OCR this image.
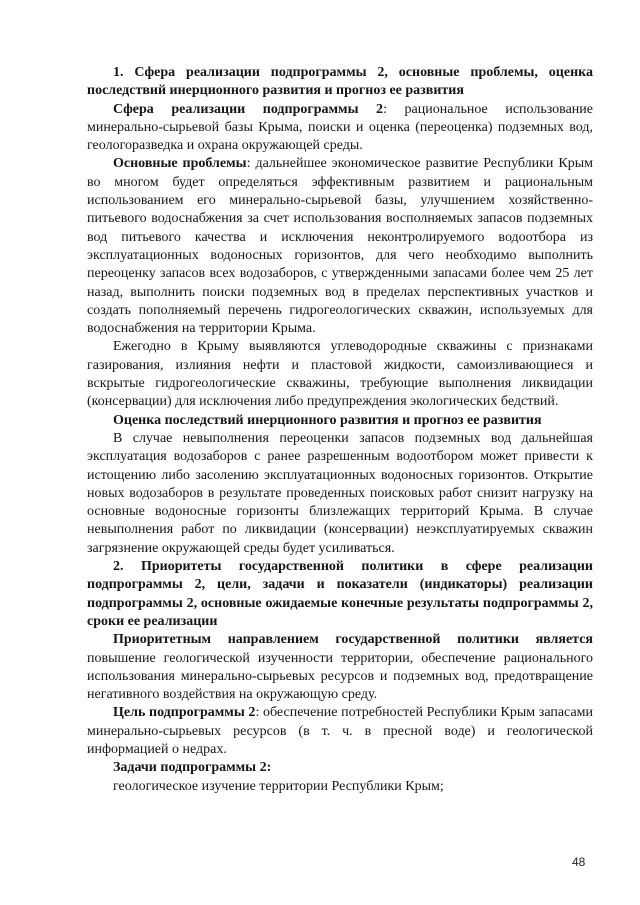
1. Сфера реализации подпрограммы 2, основные проблемы, оценка последствий инерционного развития и прогноз ее развития

Сфера реализации подпрограммы 2: рациональное использование минерально-сырьевой базы Крыма, поиски и оценка (переоценка) подземных вод, геологоразведка и охрана окружающей среды.

Основные проблемы: дальнейшее экономическое развитие Республики Крым во многом будет определяться эффективным развитием и рациональным использованием его минерально-сырьевой базы, улучшением хозяйственно-питьевого водоснабжения за счет использования восполняемых запасов подземных вод питьевого качества и исключения неконтролируемого водоотбора из эксплуатационных водоносных горизонтов, для чего необходимо выполнить переоценку запасов всех водозаборов, с утвержденными запасами более чем 25 лет назад, выполнить поиски подземных вод в пределах перспективных участков и создать пополняемый перечень гидрогеологических скважин, используемых для водоснабжения на территории Крыма.

Ежегодно в Крыму выявляются углеводородные скважины с признаками газирования, излияния нефти и пластовой жидкости, самоизливающиеся и вскрытые гидрогеологические скважины, требующие выполнения ликвидации (консервации) для исключения либо предупреждения экологических бедствий.

Оценка последствий инерционного развития и прогноз ее развития

В случае невыполнения переоценки запасов подземных вод дальнейшая эксплуатация водозаборов с ранее разрешенным водоотбором может привести к истощению либо засолению эксплуатационных водоносных горизонтов. Открытие новых водозаборов в результате проведенных поисковых работ снизит нагрузку на основные водоносные горизонты близлежащих территорий Крыма. В случае невыполнения работ по ликвидации (консервации) неэксплуатируемых скважин загрязнение окружающей среды будет усиливаться.

2. Приоритеты государственной политики в сфере реализации подпрограммы 2, цели, задачи и показатели (индикаторы) реализации подпрограммы 2, основные ожидаемые конечные результаты подпрограммы 2, сроки ее реализации

Приоритетным направлением государственной политики является повышение геологической изученности территории, обеспечение рационального использования минерально-сырьевых ресурсов и подземных вод, предотвращение негативного воздействия на окружающую среду.

Цель подпрограммы 2: обеспечение потребностей Республики Крым запасами минерально-сырьевых ресурсов (в т. ч. в пресной воде) и геологической информацией о недрах.

Задачи подпрограммы 2:

геологическое изучение территории Республики Крым;

48
